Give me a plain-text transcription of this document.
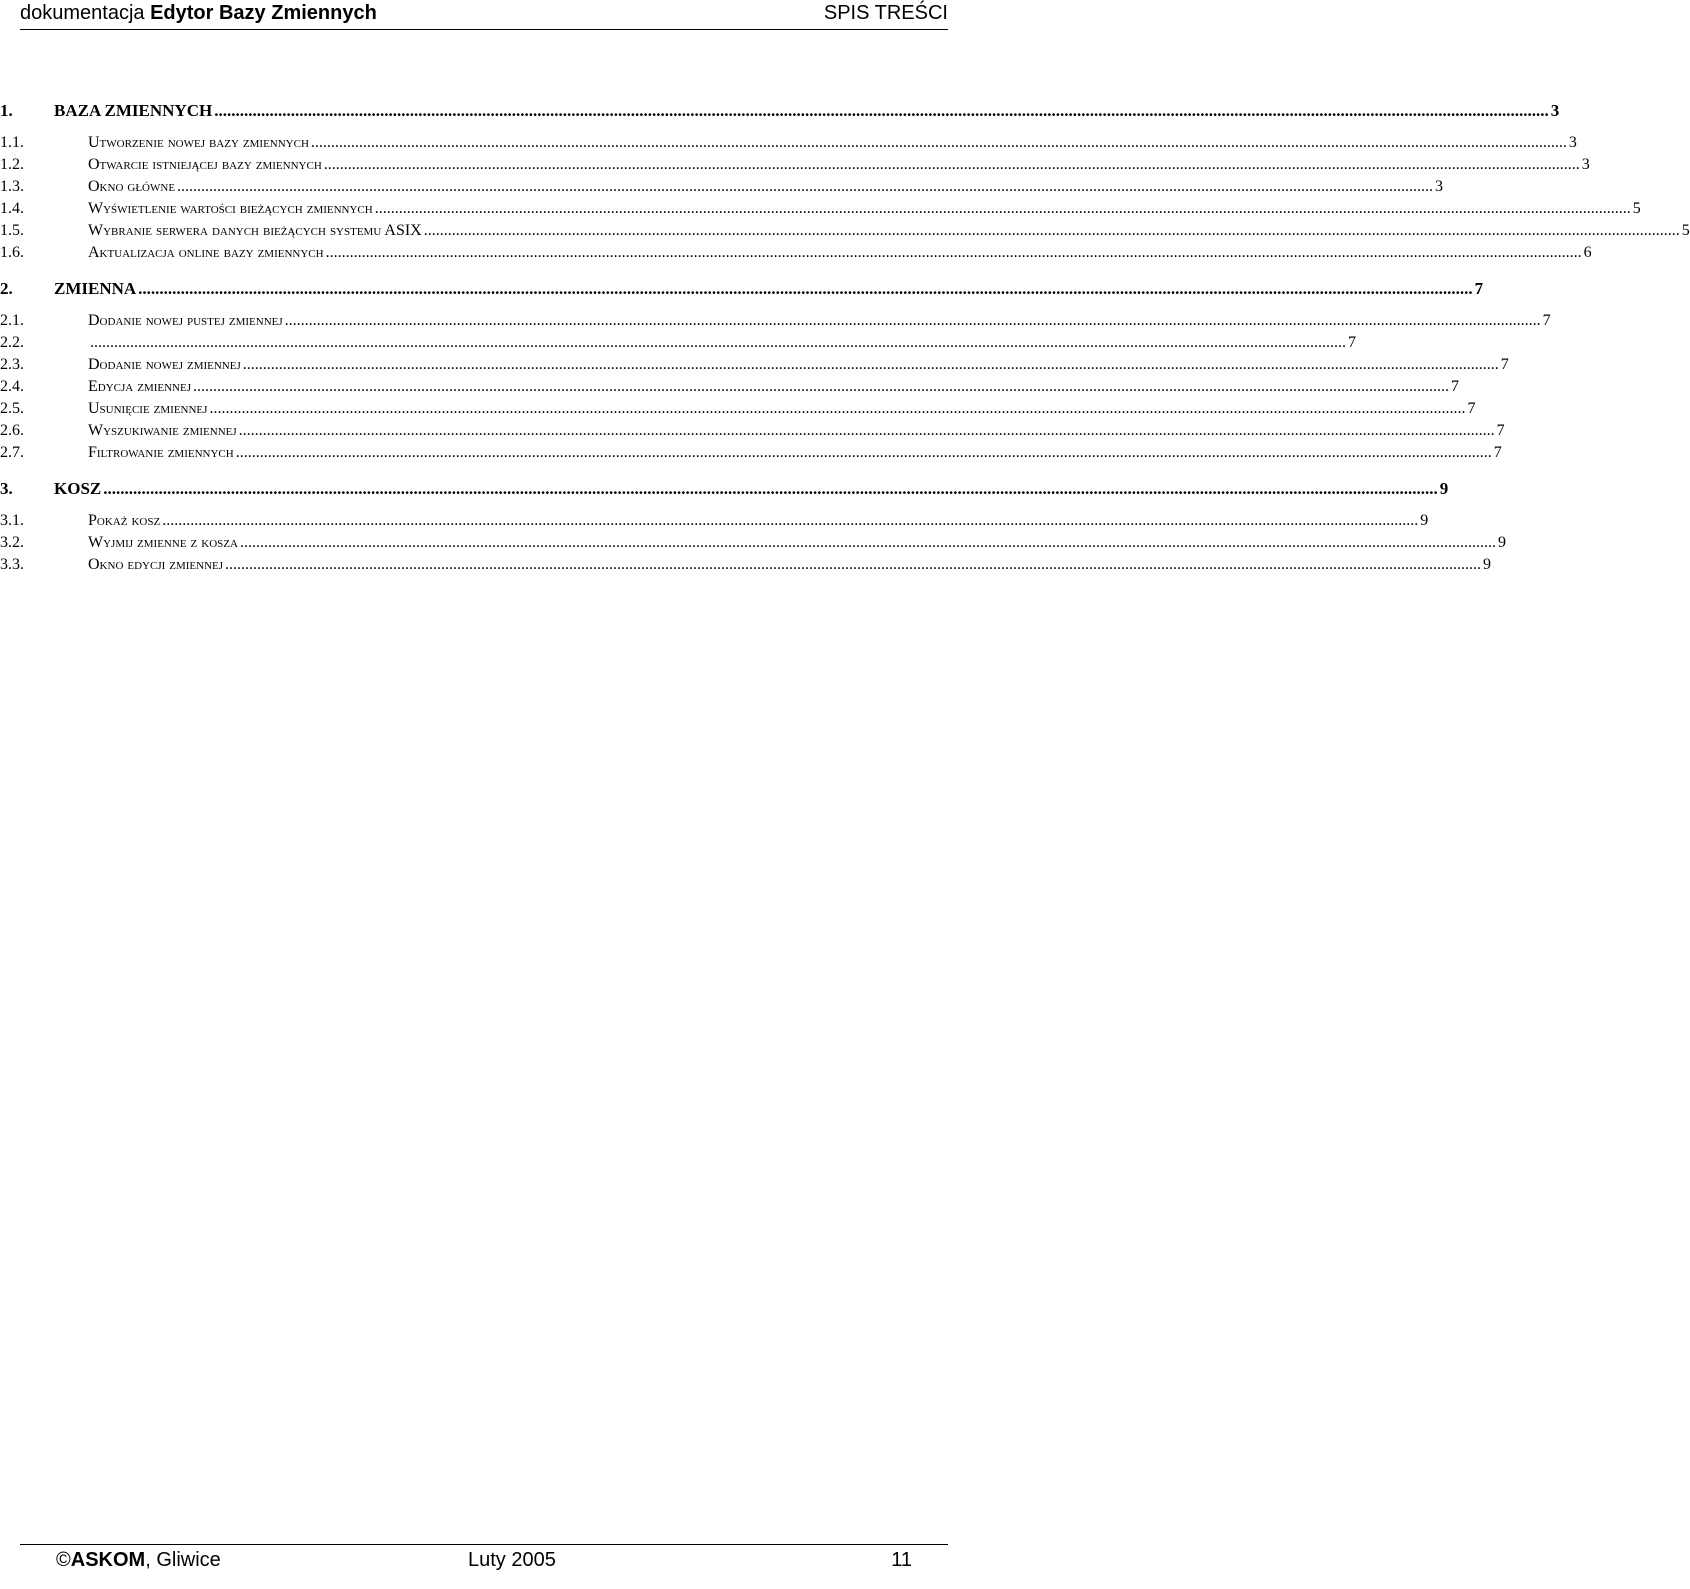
dokumentacja Edytor Bazy Zmiennych	SPIS TREŚCI
1.	BAZA ZMIENNYCH .....	3
1.1.	Utworzenie nowej bazy zmiennych .....	3
1.2.	Otwarcie istniejącej bazy zmiennych .....	3
1.3.	Okno główne .....	3
1.4.	Wyświetlenie wartości bieżących zmiennych .....	5
1.5.	Wybranie serwera danych bieżących systemu ASIX .....	5
1.6.	Aktualizacja online bazy zmiennych .....	6
2.	ZMIENNA .....	7
2.1.	Dodanie nowej pustej zmiennej .....	7
2.2. .....	7
2.3.	Dodanie nowej zmiennej .....	7
2.4.	Edycja zmiennej .....	7
2.5.	Usunięcie zmiennej .....	7
2.6.	Wyszukiwanie zmiennej .....	7
2.7.	Filtrowanie zmiennych .....	7
3.	KOSZ .....	9
3.1.	Pokaż kosz .....	9
3.2.	Wyjmij zmienne z kosza .....	9
3.3.	Okno edycji zmiennej .....	9
©ASKOM, Gliwice	Luty 2005	11
